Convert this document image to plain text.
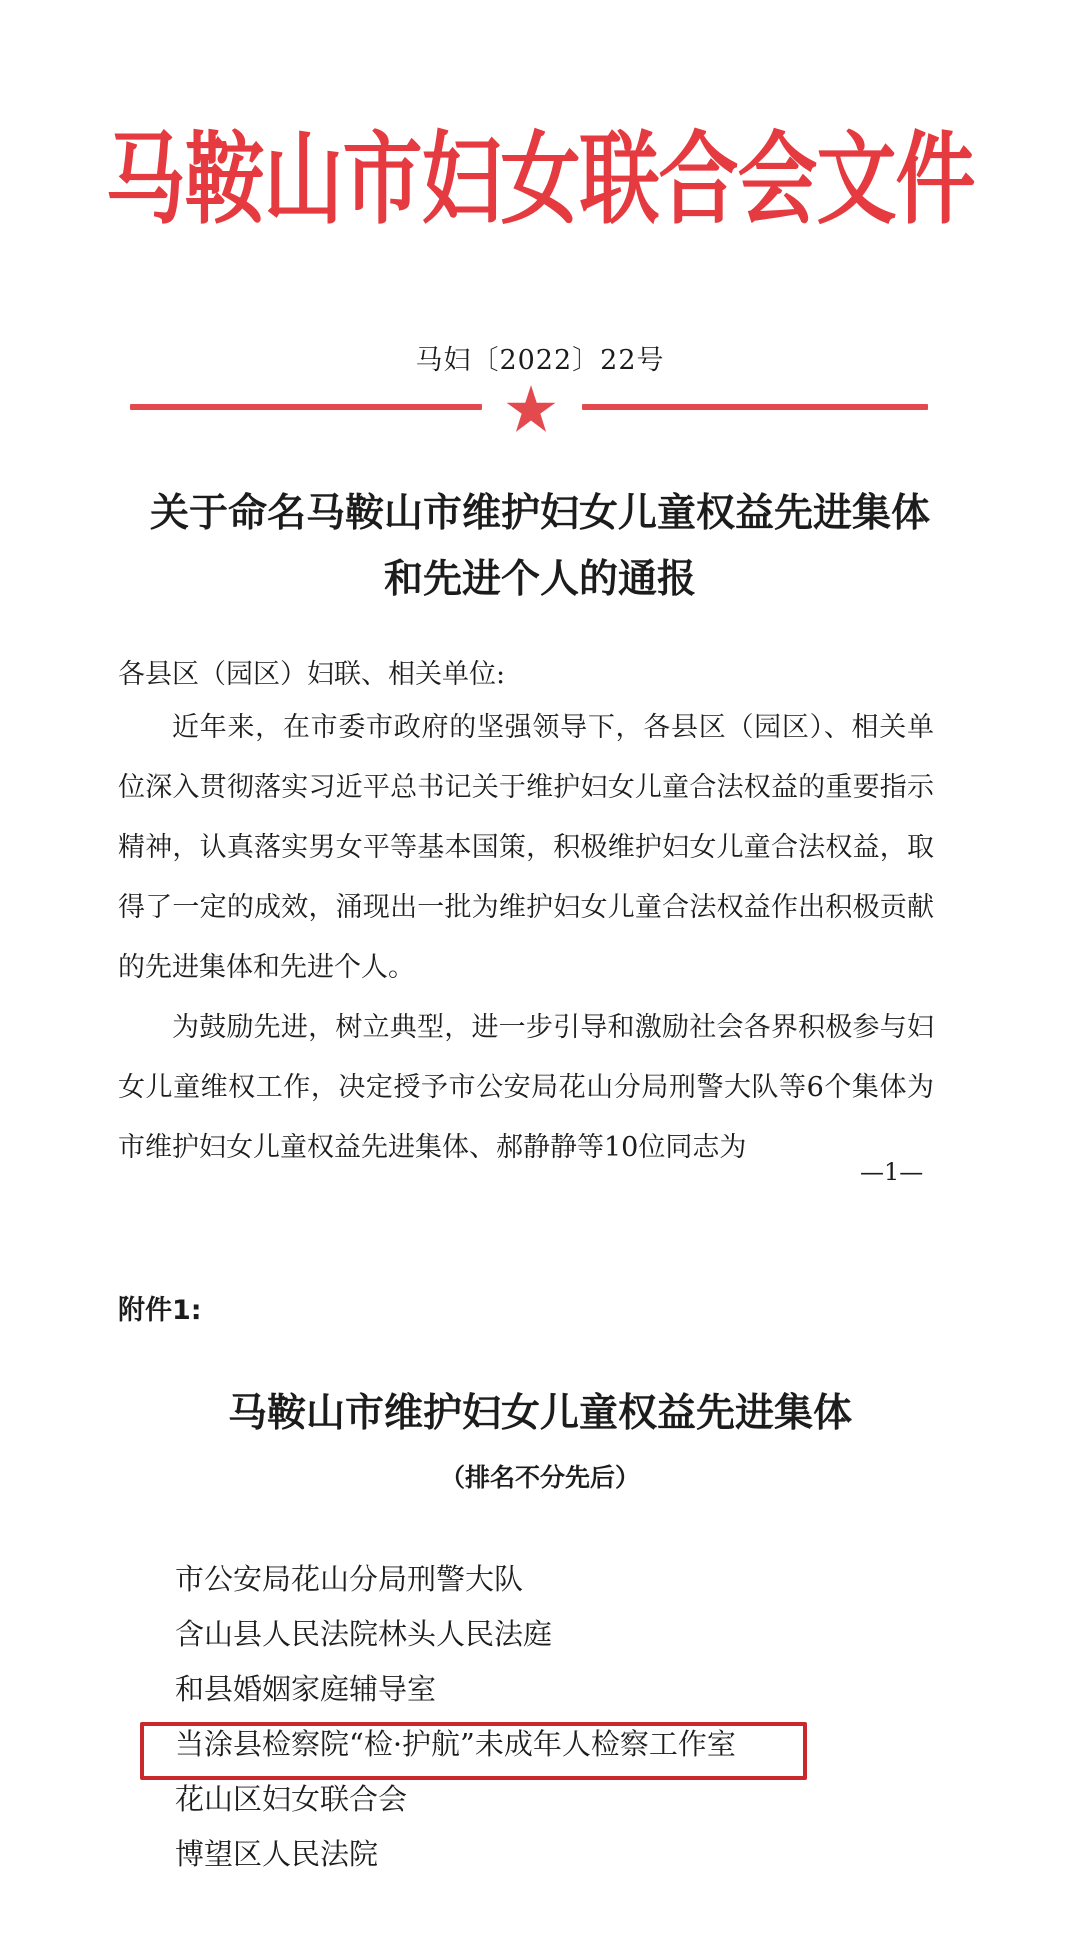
马鞍山市妇女联合会文件
马妇〔2022〕22号
关于命名马鞍山市维护妇女儿童权益先进集体
和先进个人的通报
各县区（园区）妇联、相关单位:
近年来，在市委市政府的坚强领导下，各县区（园区）、相关单位深入贯彻落实习近平总书记关于维护妇女儿童合法权益的重要指示精神，认真落实男女平等基本国策，积极维护妇女儿童合法权益，取得了一定的成效，涌现出一批为维护妇女儿童合法权益作出积极贡献的先进集体和先进个人。
为鼓励先进，树立典型，进一步引导和激励社会各界积极参与妇女儿童维权工作，决定授予市公安局花山分局刑警大队等6个集体为市维护妇女儿童权益先进集体、郝静静等10位同志为
—1—
附件1:
马鞍山市维护妇女儿童权益先进集体
（排名不分先后）
市公安局花山分局刑警大队
含山县人民法院林头人民法庭
和县婚姻家庭辅导室
当涂县检察院“检·护航”未成年人检察工作室
花山区妇女联合会
博望区人民法院
